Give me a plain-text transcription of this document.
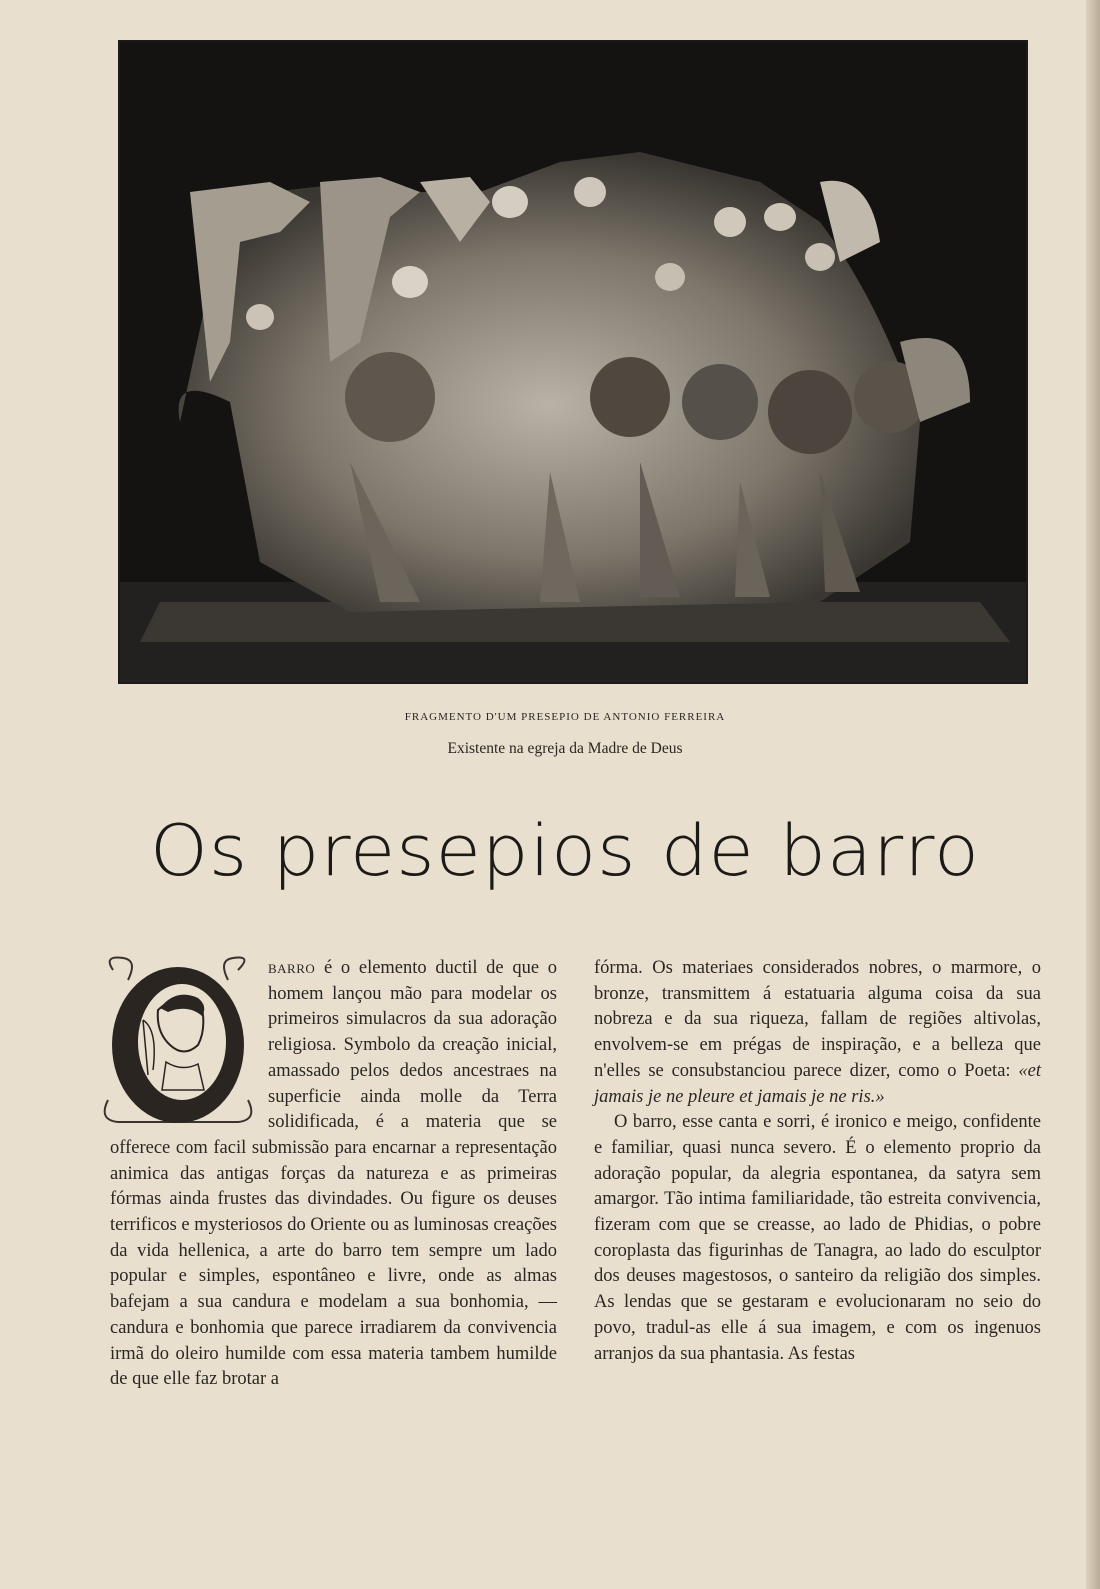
FRAGMENTO D'UM PRESEPIO DE ANTONIO FERREIRA
Existente na egreja da Madre de Deus
Os presepios de barro
O

barro é o elemento ductil de que o homem lançou mão para modelar os primeiros simulacros da sua adoração religiosa. Symbolo da creação inicial, amassado pelos dedos ancestraes na superficie ainda molle da Terra solidificada, é a materia que se offerece com facil submissão para encarnar a representação animica das antigas forças da natureza e as primeiras fórmas ainda frustes das divindades. Ou figure os deuses terrificos e mysteriosos do Oriente ou as luminosas creações da vida hellenica, a arte do barro tem sempre um lado popular e simples, espontâneo e livre, onde as almas bafejam a sua candura e modelam a sua bonhomia, — candura e bonhomia que parece irradiarem da convivencia irmã do oleiro humilde com essa materia tambem humilde de que elle faz brotar a

fórma. Os materiaes considerados nobres, o marmore, o bronze, transmittem á estatuaria alguma coisa da sua nobreza e da sua riqueza, fallam de regiões altivolas, envolvem-se em prégas de inspiração, e a belleza que n'elles se consubstanciou parece dizer, como o Poeta: «et jamais je ne pleure et jamais je ne ris.»

O barro, esse canta e sorri, é ironico e meigo, confidente e familiar, quasi nunca severo. É o elemento proprio da adoração popular, da alegria espontanea, da satyra sem amargor. Tão intima familiaridade, tão estreita convivencia, fizeram com que se creasse, ao lado de Phidias, o pobre coroplasta das figurinhas de Tanagra, ao lado do esculptor dos deuses magestosos, o santeiro da religião dos simples. As lendas que se gestaram e evolucionaram no seio do povo, tradul-as elle á sua imagem, e com os ingenuos arranjos da sua phantasia. As festas
